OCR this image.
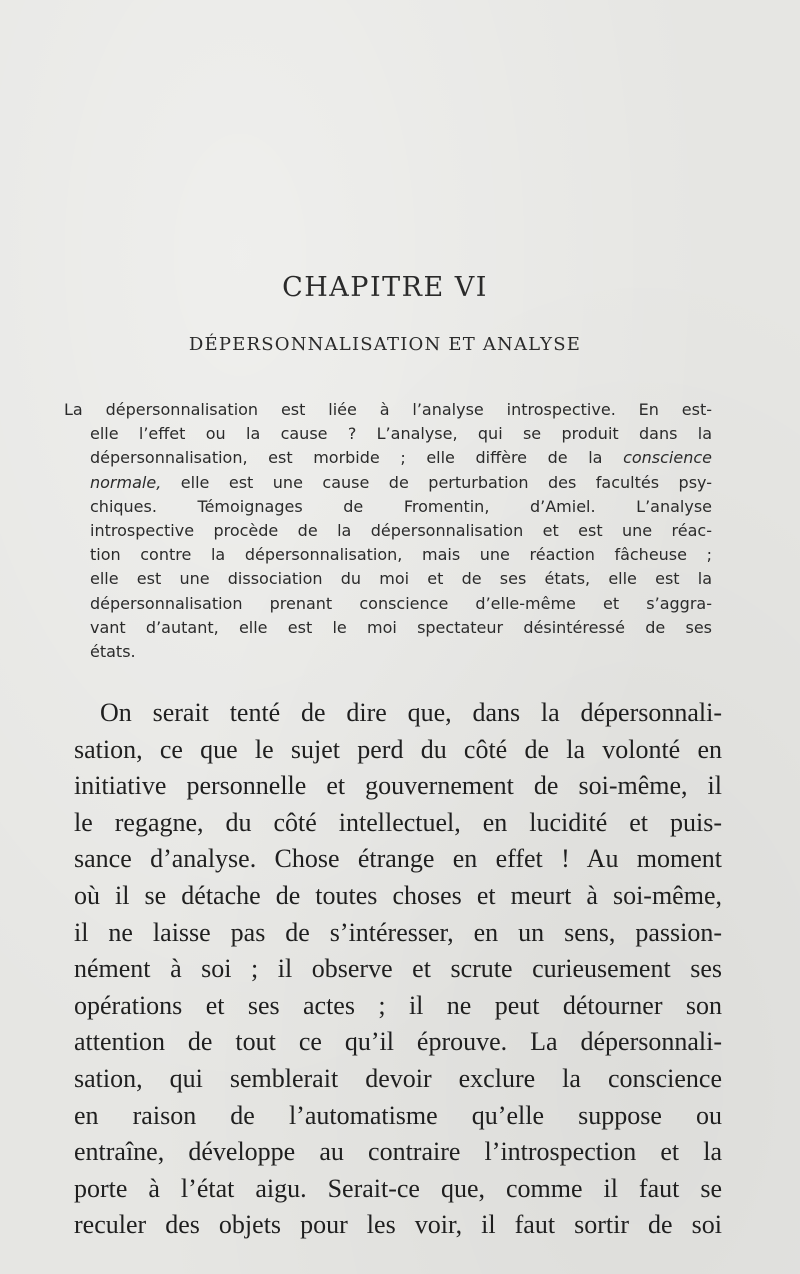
CHAPITRE VI
DÉPERSONNALISATION ET ANALYSE
La dépersonnalisation est liée à l’analyse introspective. En est-
elle l’effet ou la cause ? L’analyse, qui se produit dans la
dépersonnalisation, est morbide ; elle diffère de la conscience
normale, elle est une cause de perturbation des facultés psy-
chiques. Témoignages de Fromentin, d’Amiel. L’analyse
introspective procède de la dépersonnalisation et est une réac-
tion contre la dépersonnalisation, mais une réaction fâcheuse ;
elle est une dissociation du moi et de ses états, elle est la
dépersonnalisation prenant conscience d’elle-même et s’aggra-
vant d’autant, elle est le moi spectateur désintéressé de ses
états.
On serait tenté de dire que, dans la dépersonnali-
sation, ce que le sujet perd du côté de la volonté en
initiative personnelle et gouvernement de soi-même, il
le regagne, du côté intellectuel, en lucidité et puis-
sance d’analyse. Chose étrange en effet ! Au moment
où il se détache de toutes choses et meurt à soi-même,
il ne laisse pas de s’intéresser, en un sens, passion-
nément à soi ; il observe et scrute curieusement ses
opérations et ses actes ; il ne peut détourner son
attention de tout ce qu’il éprouve. La dépersonnali-
sation, qui semblerait devoir exclure la conscience
en raison de l’automatisme qu’elle suppose ou
entraîne, développe au contraire l’introspection et la
porte à l’état aigu. Serait-ce que, comme il faut se
reculer des objets pour les voir, il faut sortir de soi
